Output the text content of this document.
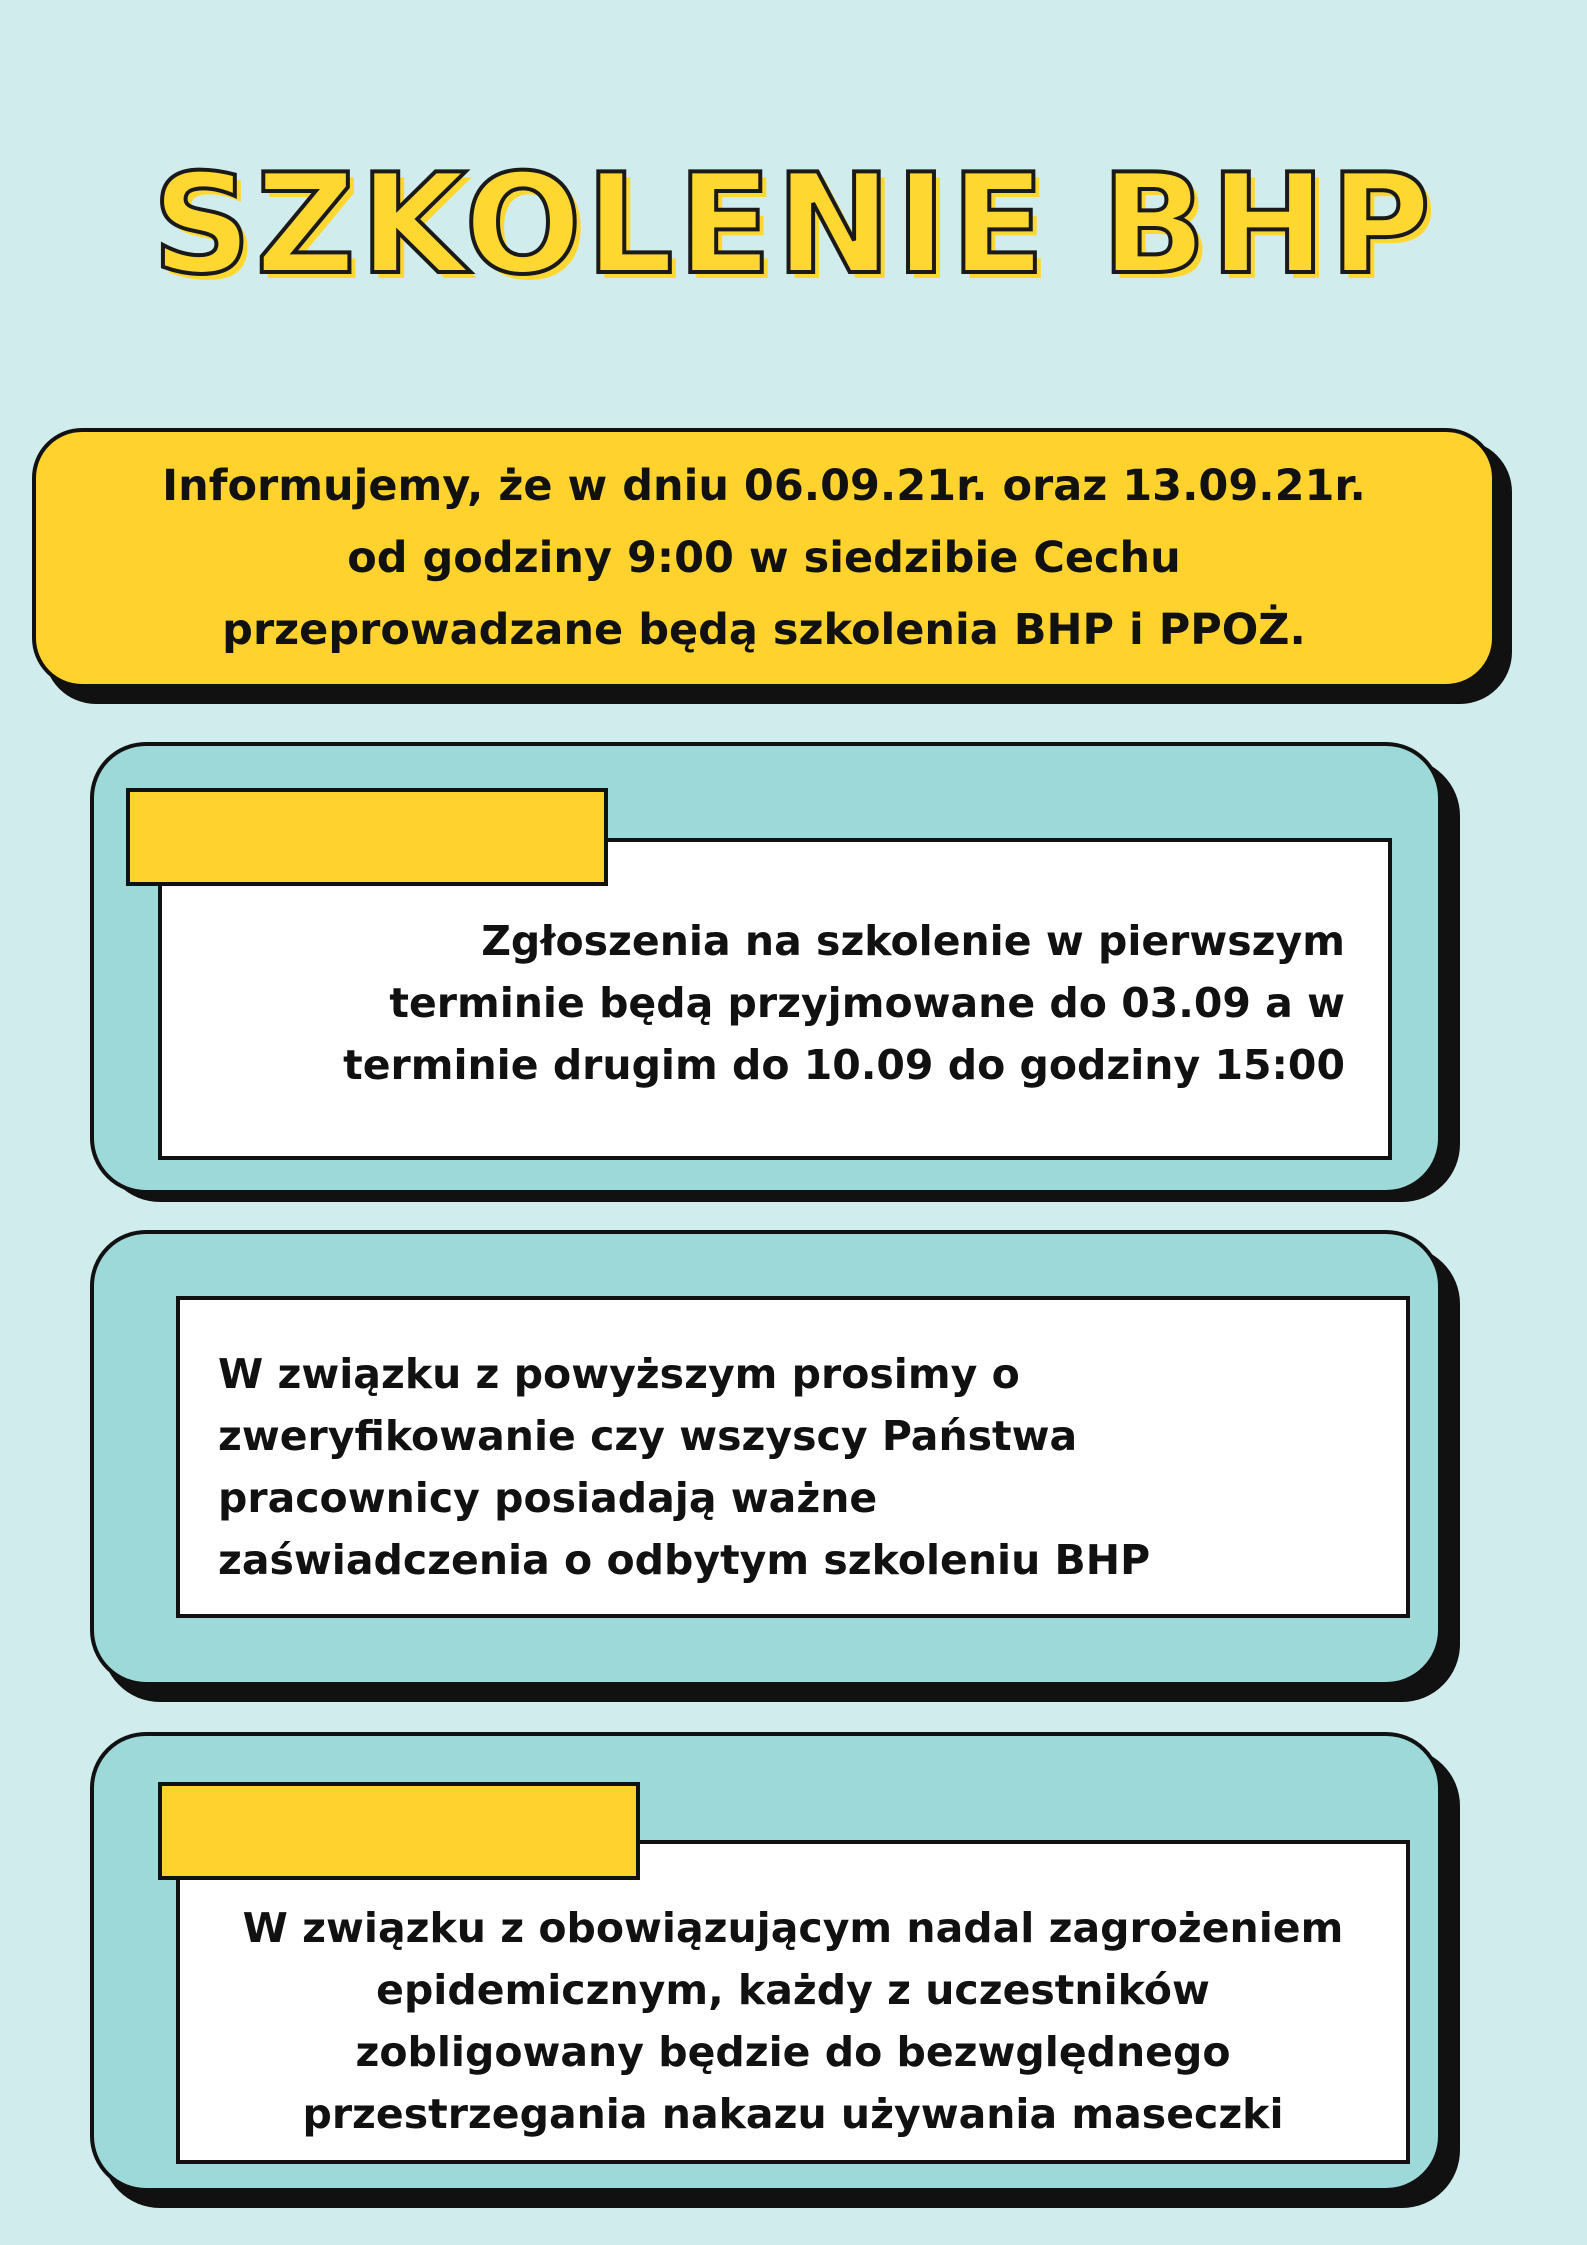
SZKOLENIE BHP
Informujemy, że w dniu 06.09.21r. oraz 13.09.21r.
od godziny 9:00 w siedzibie Cechu
przeprowadzane będą szkolenia BHP i PPOŻ.
Zgłoszenia na szkolenie w pierwszym
terminie będą przyjmowane do 03.09 a w
terminie drugim do 10.09 do godziny 15:00
W związku z powyższym prosimy o
zweryfikowanie czy wszyscy Państwa
pracownicy posiadają ważne
zaświadczenia o odbytym szkoleniu BHP
W związku z obowiązującym nadal zagrożeniem
epidemicznym, każdy z uczestników
zobligowany będzie do bezwględnego
przestrzegania nakazu używania maseczki
